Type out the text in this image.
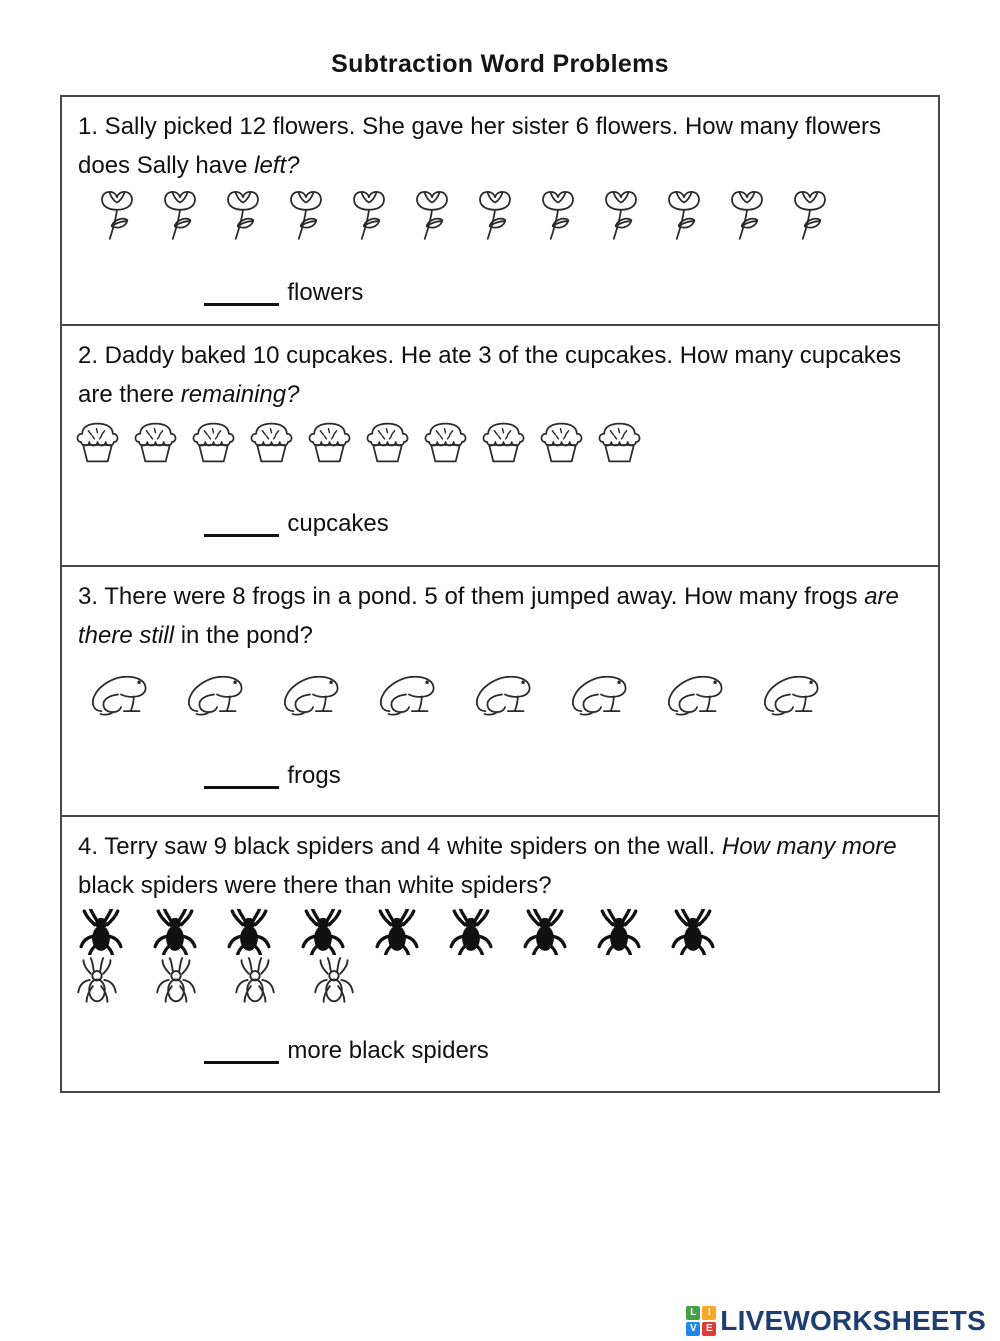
Subtraction Word Problems
1. Sally picked 12 flowers. She gave her sister 6 flowers. How many flowers does Sally have left?
flowers
2. Daddy baked 10 cupcakes. He ate 3 of the cupcakes. How many cupcakes are there remaining?
cupcakes
3. There were 8 frogs in a pond. 5 of them jumped away. How many frogs are there still in the pond?
frogs
4. Terry saw 9 black spiders and 4 white spiders on the wall. How many more black spiders were there than white spiders?
more black spiders
L	I
V E LIVEWORKSHEETS
